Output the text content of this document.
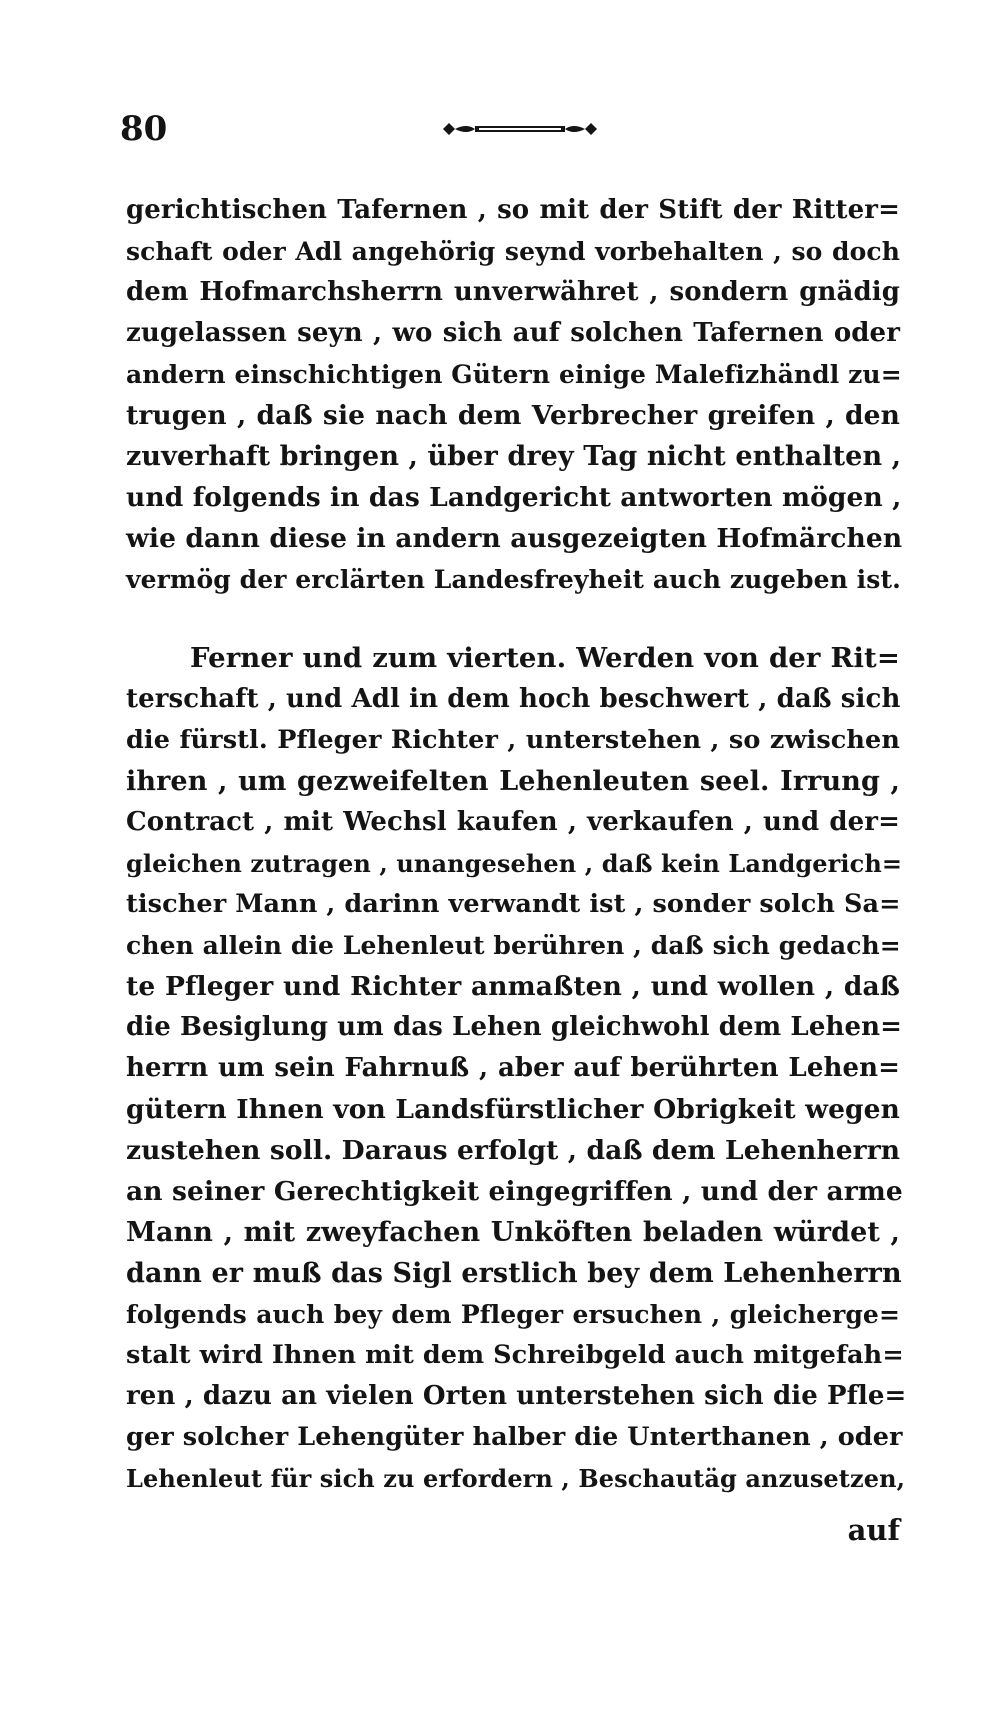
80
gerichtischen Tafernen , so mit der Stift der Ritter=
schaft oder Adl angehörig seynd vorbehalten , so doch
dem Hofmarchsherrn unverwähret , sondern gnädig
zugelassen seyn , wo sich auf solchen Tafernen oder
andern einschichtigen Gütern einige Malefizhändl zu=
trugen , daß sie nach dem Verbrecher greifen , den
zuverhaft bringen , über drey Tag nicht enthalten ,
und folgends in das Landgericht antworten mögen ,
wie dann diese in andern ausgezeigten Hofmärchen
vermög der erclärten Landesfreyheit auch zugeben ist.
Ferner und zum vierten. Werden von der Rit=
terschaft , und Adl in dem hoch beschwert , daß sich
die fürstl. Pfleger Richter , unterstehen , so zwischen
ihren , um gezweifelten Lehenleuten seel. Irrung ,
Contract , mit Wechsl kaufen , verkaufen , und der=
gleichen zutragen , unangesehen , daß kein Landgerich=
tischer Mann , darinn verwandt ist , sonder solch Sa=
chen allein die Lehenleut berühren , daß sich gedach=
te Pfleger und Richter anmaßten , und wollen , daß
die Besiglung um das Lehen gleichwohl dem Lehen=
herrn um sein Fahrnuß , aber auf berührten Lehen=
gütern Ihnen von Landsfürstlicher Obrigkeit wegen
zustehen soll. Daraus erfolgt , daß dem Lehenherrn
an seiner Gerechtigkeit eingegriffen , und der arme
Mann , mit zweyfachen Unköften beladen würdet ,
dann er muß das Sigl erstlich bey dem Lehenherrn
folgends auch bey dem Pfleger ersuchen , gleicherge=
stalt wird Ihnen mit dem Schreibgeld auch mitgefah=
ren , dazu an vielen Orten unterstehen sich die Pfle=
ger solcher Lehengüter halber die Unterthanen , oder
Lehenleut für sich zu erfordern , Beschautäg anzusetzen,
auf
